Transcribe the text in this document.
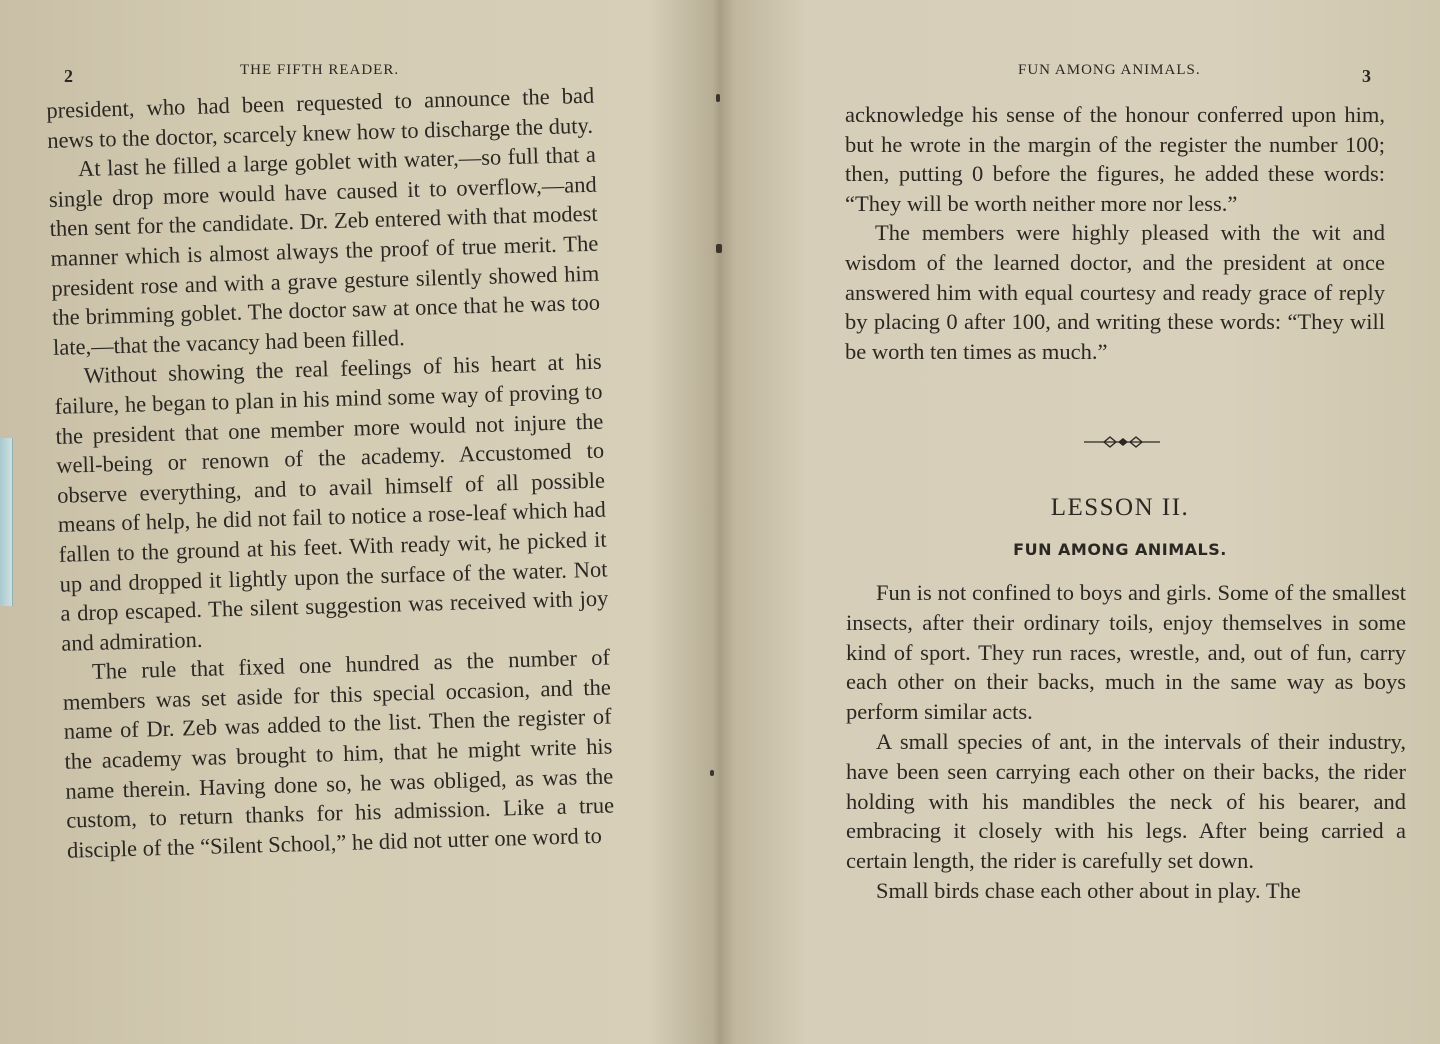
2	THE FIFTH READER.

president, who had been requested to announce the bad news to the doctor, scarcely knew how to discharge the duty.

At last he filled a large goblet with water,—so full that a single drop more would have caused it to overflow,—and then sent for the candidate. Dr. Zeb entered with that modest manner which is almost always the proof of true merit. The president rose and with a grave gesture silently showed him the brimming goblet. The doctor saw at once that he was too late,—that the vacancy had been filled.

Without showing the real feelings of his heart at his failure, he began to plan in his mind some way of proving to the president that one member more would not injure the well-being or renown of the academy. Accustomed to observe everything, and to avail himself of all possible means of help, he did not fail to notice a rose-leaf which had fallen to the ground at his feet. With ready wit, he picked it up and dropped it lightly upon the surface of the water. Not a drop escaped. The silent suggestion was received with joy and admiration.

The rule that fixed one hundred as the number of members was set aside for this special occasion, and the name of Dr. Zeb was added to the list. Then the register of the academy was brought to him, that he might write his name therein. Having done so, he was obliged, as was the custom, to return thanks for his admission. Like a true disciple of the “Silent School,” he did not utter one word to

FUN AMONG ANIMALS.	3

acknowledge his sense of the honour conferred upon him, but he wrote in the margin of the register the number 100; then, putting 0 before the figures, he added these words: “They will be worth neither more nor less.”

The members were highly pleased with the wit and wisdom of the learned doctor, and the president at once answered him with equal courtesy and ready grace of reply by placing 0 after 100, and writing these words: “They will be worth ten times as much.”

LESSON II.
FUN AMONG ANIMALS.

Fun is not confined to boys and girls. Some of the smallest insects, after their ordinary toils, enjoy themselves in some kind of sport. They run races, wrestle, and, out of fun, carry each other on their backs, much in the same way as boys perform similar acts.

A small species of ant, in the intervals of their industry, have been seen carrying each other on their backs, the rider holding with his mandibles the neck of his bearer, and embracing it closely with his legs. After being carried a certain length, the rider is carefully set down.

Small birds chase each other about in play. The
